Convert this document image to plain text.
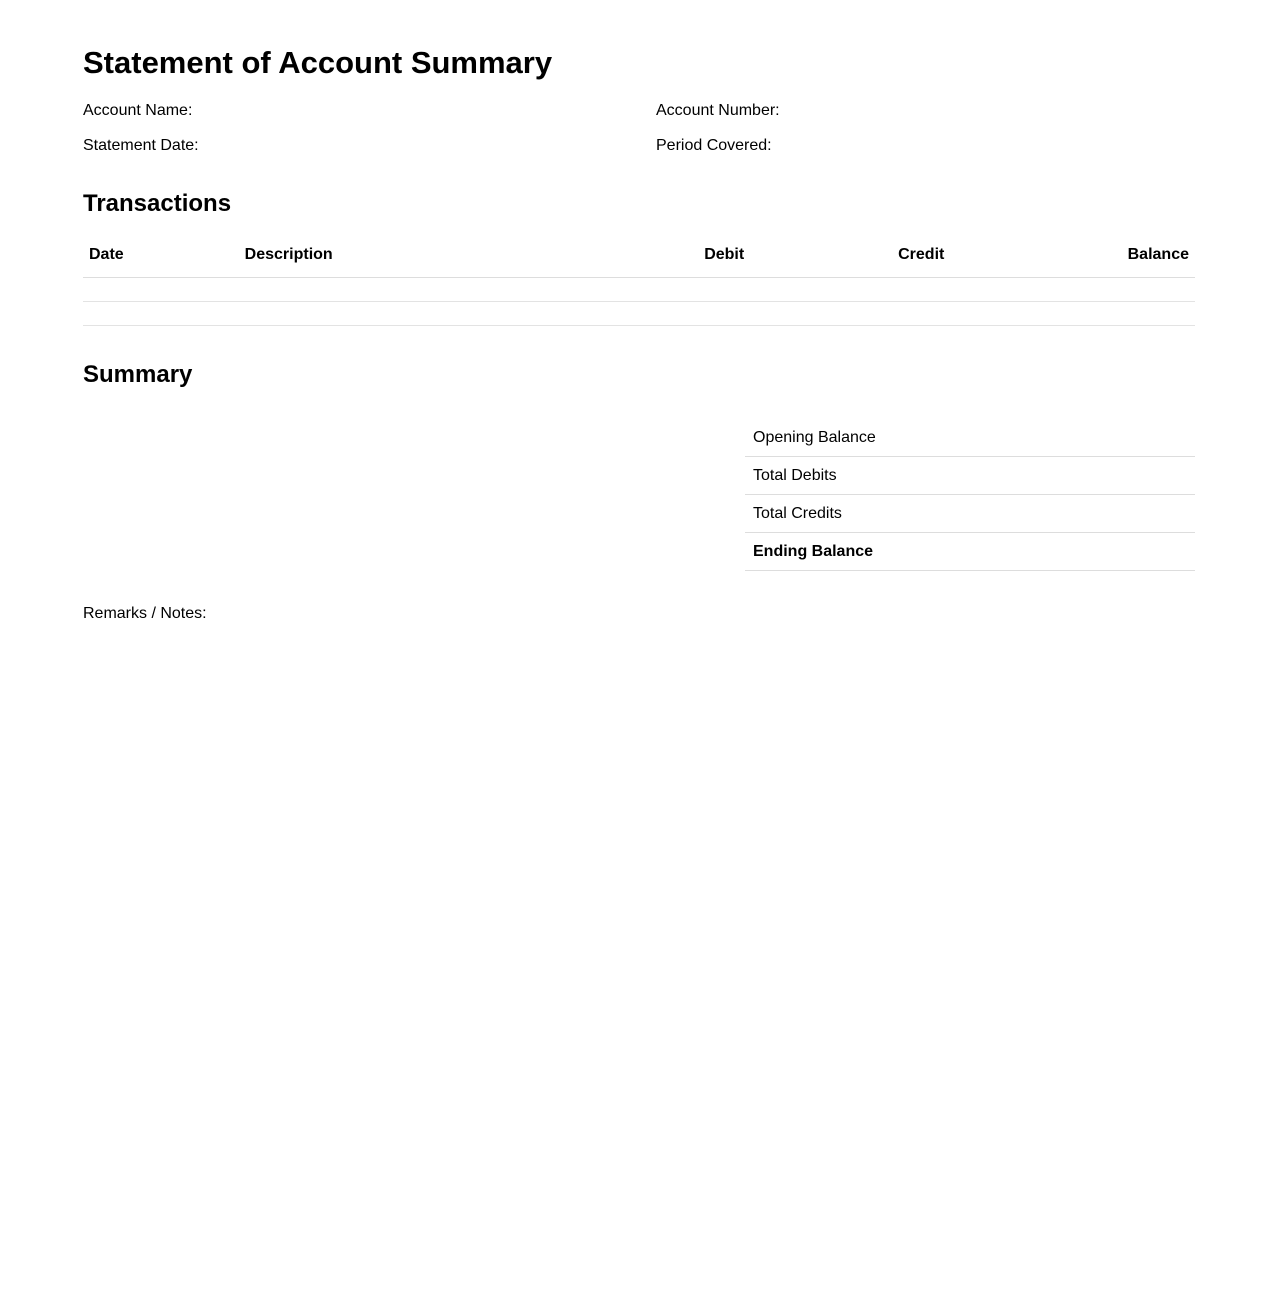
Statement of Account Summary
Account Name:	Account Number:
Statement Date:	Period Covered:
Transactions
Date	Description	Debit	Credit	Balance

Summary
Opening Balance	
Total Debits	
Total Credits	
Ending Balance	
Remarks / Notes:
